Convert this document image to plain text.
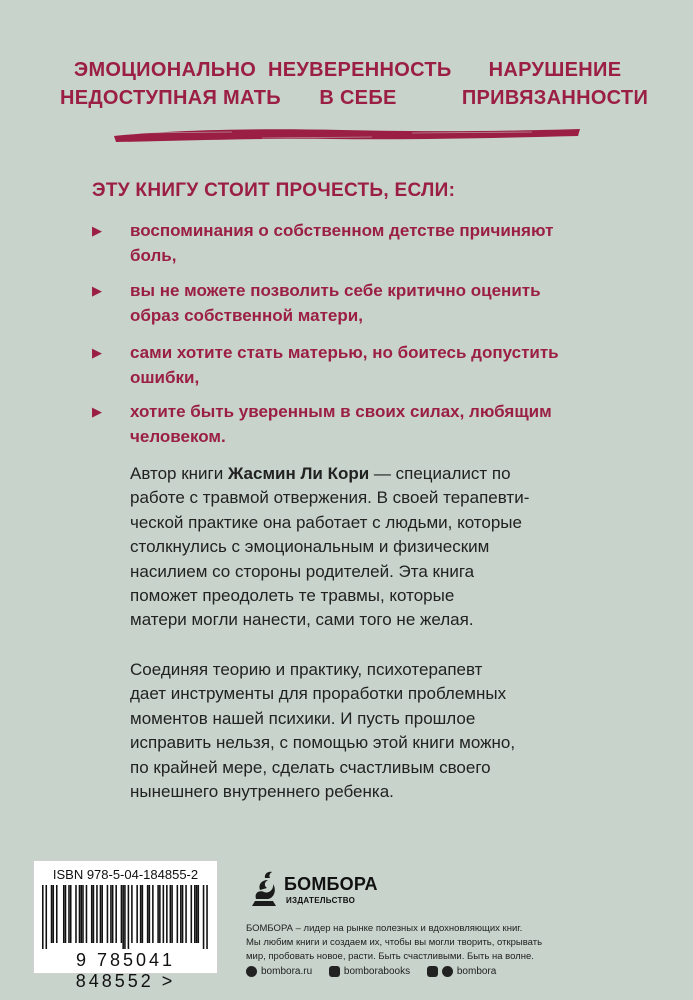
ЭМОЦИОНАЛЬНО
НЕДОСТУПНАЯ МАТЬ
НЕУВЕРЕННОСТЬ
В СЕБЕ
НАРУШЕНИЕ
ПРИВЯЗАННОСТИ
ЭТУ КНИГУ СТОИТ ПРОЧЕСТЬ, ЕСЛИ:
▶ воспоминания о собственном детстве причиняют
боль,
▶ вы не можете позволить себе критично оценить
образ собственной матери,
▶ сами хотите стать матерью, но боитесь допустить
ошибки,
▶ хотите быть уверенным в своих силах, любящим
человеком.
Автор книги Жасмин Ли Кори — специалист по
работе с травмой отвержения. В своей терапевти-
ческой практике она работает с людьми, которые
столкнулись с эмоциональным и физическим
насилием со стороны родителей. Эта книга
поможет преодолеть те травмы, которые
матери могли нанести, сами того не желая.
Соединяя теорию и практику, психотерапевт
дает инструменты для проработки проблемных
моментов нашей психики. И пусть прошлое
исправить нельзя, с помощью этой книги можно,
по крайней мере, сделать счастливым своего
нынешнего внутреннего ребенка.
ISBN 978-5-04-184855-2
9 785041 848552 >
БОМБОРА
ИЗДАТЕЛЬСТВО
БОМБОРА – лидер на рынке полезных и вдохновляющих книг.
Мы любим книги и создаем их, чтобы вы могли творить, открывать
мир, пробовать новое, расти. Быть счастливыми. Быть на волне.
bombora.ru
	bomborabooks
	bombora
